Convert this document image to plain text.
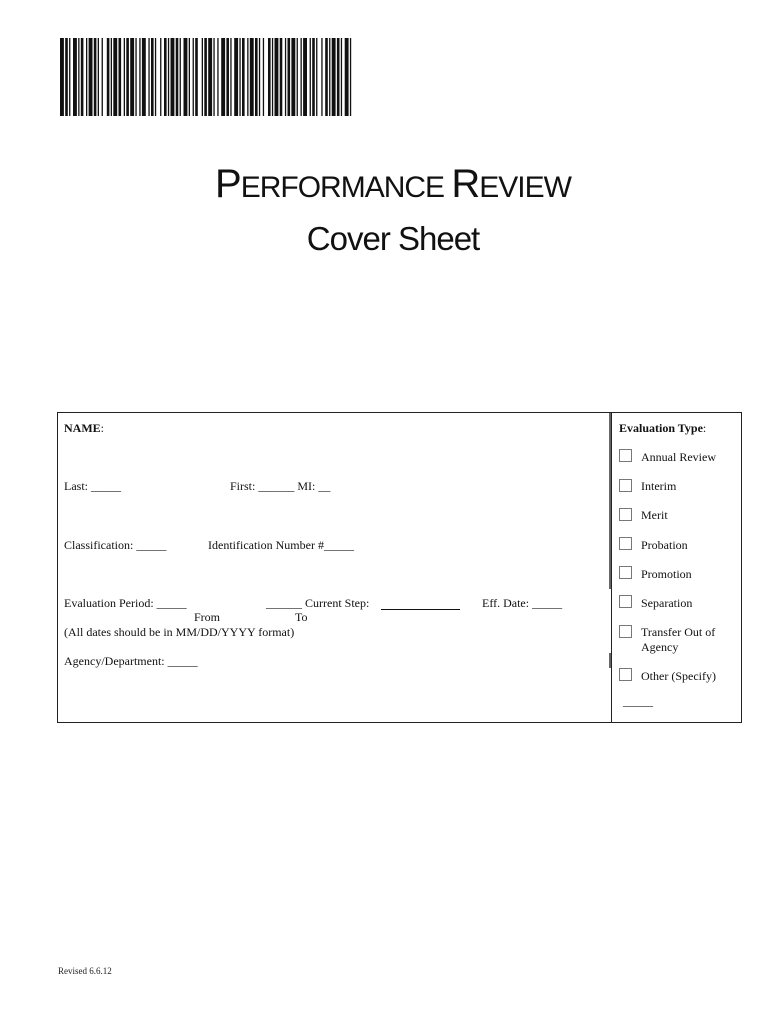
PERFORMANCE REVIEW
Cover Sheet
NAME:
Last: _____	First: ______ MI: __
Classification: _____	Identification Number #_____
Evaluation Period: _____	______ Current Step:	Eff. Date: _____
From	To
(All dates should be in MM/DD/YYYY format)
Agency/Department: _____
Evaluation Type:
Annual Review
Interim
Merit
Probation
Promotion
Separation
Transfer Out of
Agency
Other (Specify)
_____
Revised 6.6.12
